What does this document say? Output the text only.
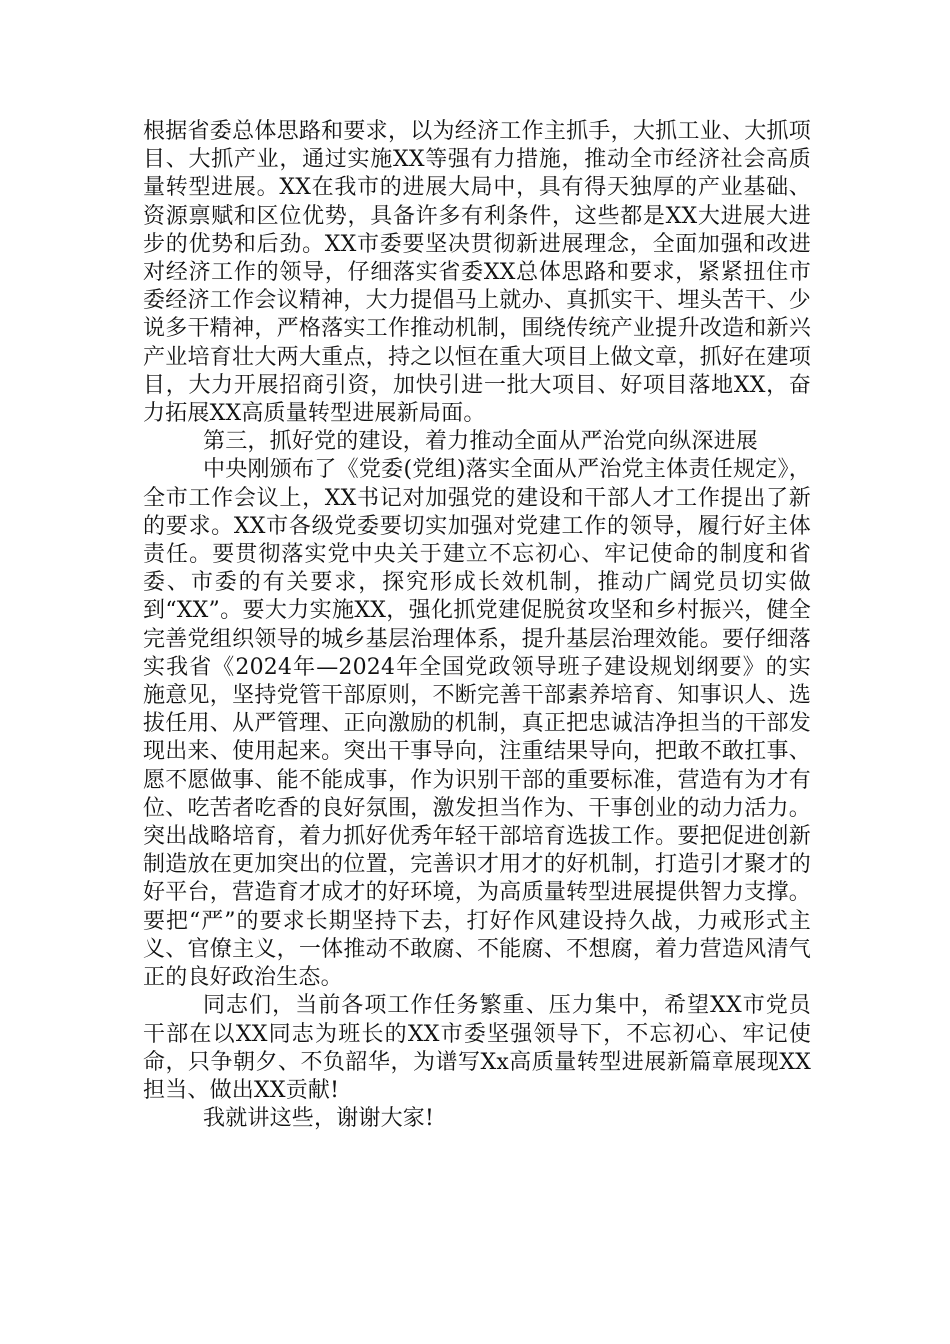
根据省委总体思路和要求，以为经济工作主抓手，大抓工业、大抓项目、大抓产业，通过实施XX等强有力措施，推动全市经济社会高质量转型进展。XX在我市的进展大局中，具有得天独厚的产业基础、资源禀赋和区位优势，具备许多有利条件，这些都是XX大进展大进步的优势和后劲。XX市委要坚决贯彻新进展理念，全面加强和改进对经济工作的领导，仔细落实省委XX总体思路和要求，紧紧扭住市委经济工作会议精神，大力提倡马上就办、真抓实干、埋头苦干、少说多干精神，严格落实工作推动机制，围绕传统产业提升改造和新兴产业培育壮大两大重点，持之以恒在重大项目上做文章，抓好在建项目，大力开展招商引资，加快引进一批大项目、好项目落地XX，奋力拓展XX高质量转型进展新局面。

第三，抓好党的建设，着力推动全面从严治党向纵深进展

中央刚颁布了《党委(党组)落实全面从严治党主体责任规定》，全市工作会议上，XX书记对加强党的建设和干部人才工作提出了新的要求。XX市各级党委要切实加强对党建工作的领导，履行好主体责任。要贯彻落实党中央关于建立不忘初心、牢记使命的制度和省委、市委的有关要求，探究形成长效机制，推动广阔党员切实做到“XX”。要大力实施XX，强化抓党建促脱贫攻坚和乡村振兴，健全完善党组织领导的城乡基层治理体系，提升基层治理效能。要仔细落实我省《2024年—2024年全国党政领导班子建设规划纲要》的实施意见，坚持党管干部原则，不断完善干部素养培育、知事识人、选拔任用、从严管理、正向激励的机制，真正把忠诚洁净担当的干部发现出来、使用起来。突出干事导向，注重结果导向，把敢不敢扛事、愿不愿做事、能不能成事，作为识别干部的重要标准，营造有为才有位、吃苦者吃香的良好氛围，激发担当作为、干事创业的动力活力。突出战略培育，着力抓好优秀年轻干部培育选拔工作。要把促进创新制造放在更加突出的位置，完善识才用才的好机制，打造引才聚才的好平台，营造育才成才的好环境，为高质量转型进展提供智力支撑。要把“严”的要求长期坚持下去，打好作风建设持久战，力戒形式主义、官僚主义，一体推动不敢腐、不能腐、不想腐，着力营造风清气正的良好政治生态。

同志们，当前各项工作任务繁重、压力集中，希望XX市党员干部在以XX同志为班长的XX市委坚强领导下，不忘初心、牢记使命，只争朝夕、不负韶华，为谱写Xx高质量转型进展新篇章展现XX担当、做出XX贡献!

我就讲这些，谢谢大家!
